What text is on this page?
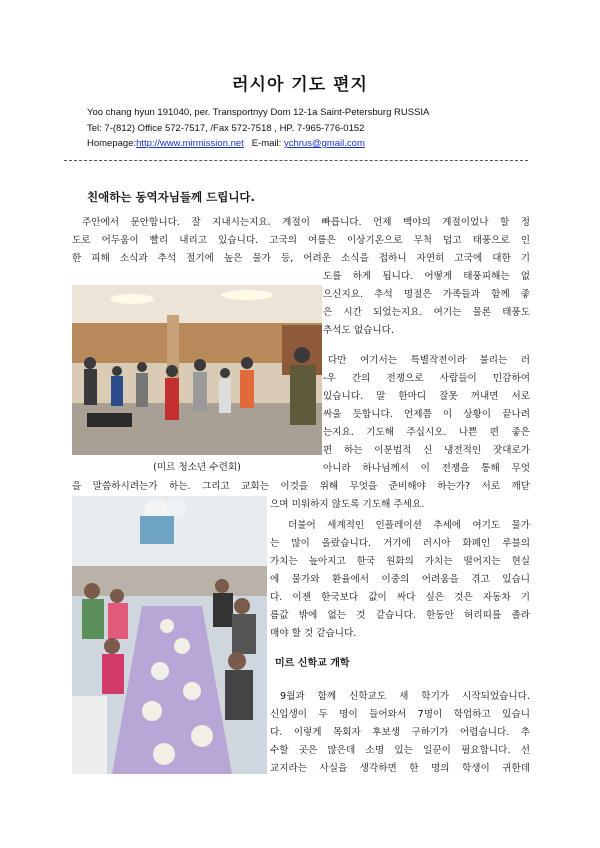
러시아 기도 편지
Yoo chang hyun 191040, per. Transportnyy Dom 12-1a Saint-Petersburg RUSSIA
Tel: 7-(812) Office 572-7517, /Fax 572-7518 , HP. 7-965-776-0152
Homepage:http://www.mirmission.net E-mail: ychrus@gmail.com
친애하는 동역자님들께 드립니다.
주안에서 문안합니다. 잘 지내시는지요. 계절이 빠릅니다. 언제 백야의 계절이었나 할 정
도로 어두움이 빨리 내리고 있습니다. 고국의 여름은 이상기온으로 무척 덥고 태풍으로 인
한 피해 소식과 추석 절기에 높은 물가 등, 어려운 소식을 접하니 자연히 고국에 대한 기
도를 하게 됩니다. 어떻게 태풍피해는 없
으신지요. 추석 명절은 가족들과 함께 좋
은 시간 되었는지요. 여기는 물론 태풍도
추석도 없습니다.
(미르 청소년 수련회)
다만 여기서는 특별작전이라 불리는 러
-우 간의 전쟁으로 사람들이 민감하여
있습니다. 말 한마디 잘못 꺼내면 서로
싸울 듯합니다. 언제쯤 이 상황이 끝나려
는지요. 기도해 주십시오. 나쁜 편 좋은
편 하는 이분법적 신 냉전적인 잣대로가
아니라 하나님께서 이 전쟁을 통해 무엇
을 말씀하시려는가 하는. 그리고 교회는 이것을 위해 무엇을 준비해야 하는가? 서로 깨닫
으며 미워하지 않도록 기도해 주세요.
더불어 세계적인 인플레이션 추세에 여기도 물가
는 많이 올랐습니다. 거기에 러시아 화폐인 루블의
가치는 높아지고 한국 원화의 가치는 떨어지는 현실
에 물가와 환율에서 이중의 어려움을 겪고 있습니
다. 이젠 한국보다 값이 싸다 싶은 것은 자동차 기
름값 밖에 없는 것 같습니다. 한동안 허리띠를 졸라
매야 할 것 같습니다.
미르 신학교 개학
9월과 함께 신학교도 새 학기가 시작되었습니다.
신입생이 두 명이 들어와서 7명이 학업하고 있습니
다. 이렇게 목회자 후보생 구하기가 어렵습니다. 추
수할 곳은 많은데 소명 있는 일꾼이 필요합니다. 선
교지라는 사실을 생각하면 한 명의 학생이 귀한데
